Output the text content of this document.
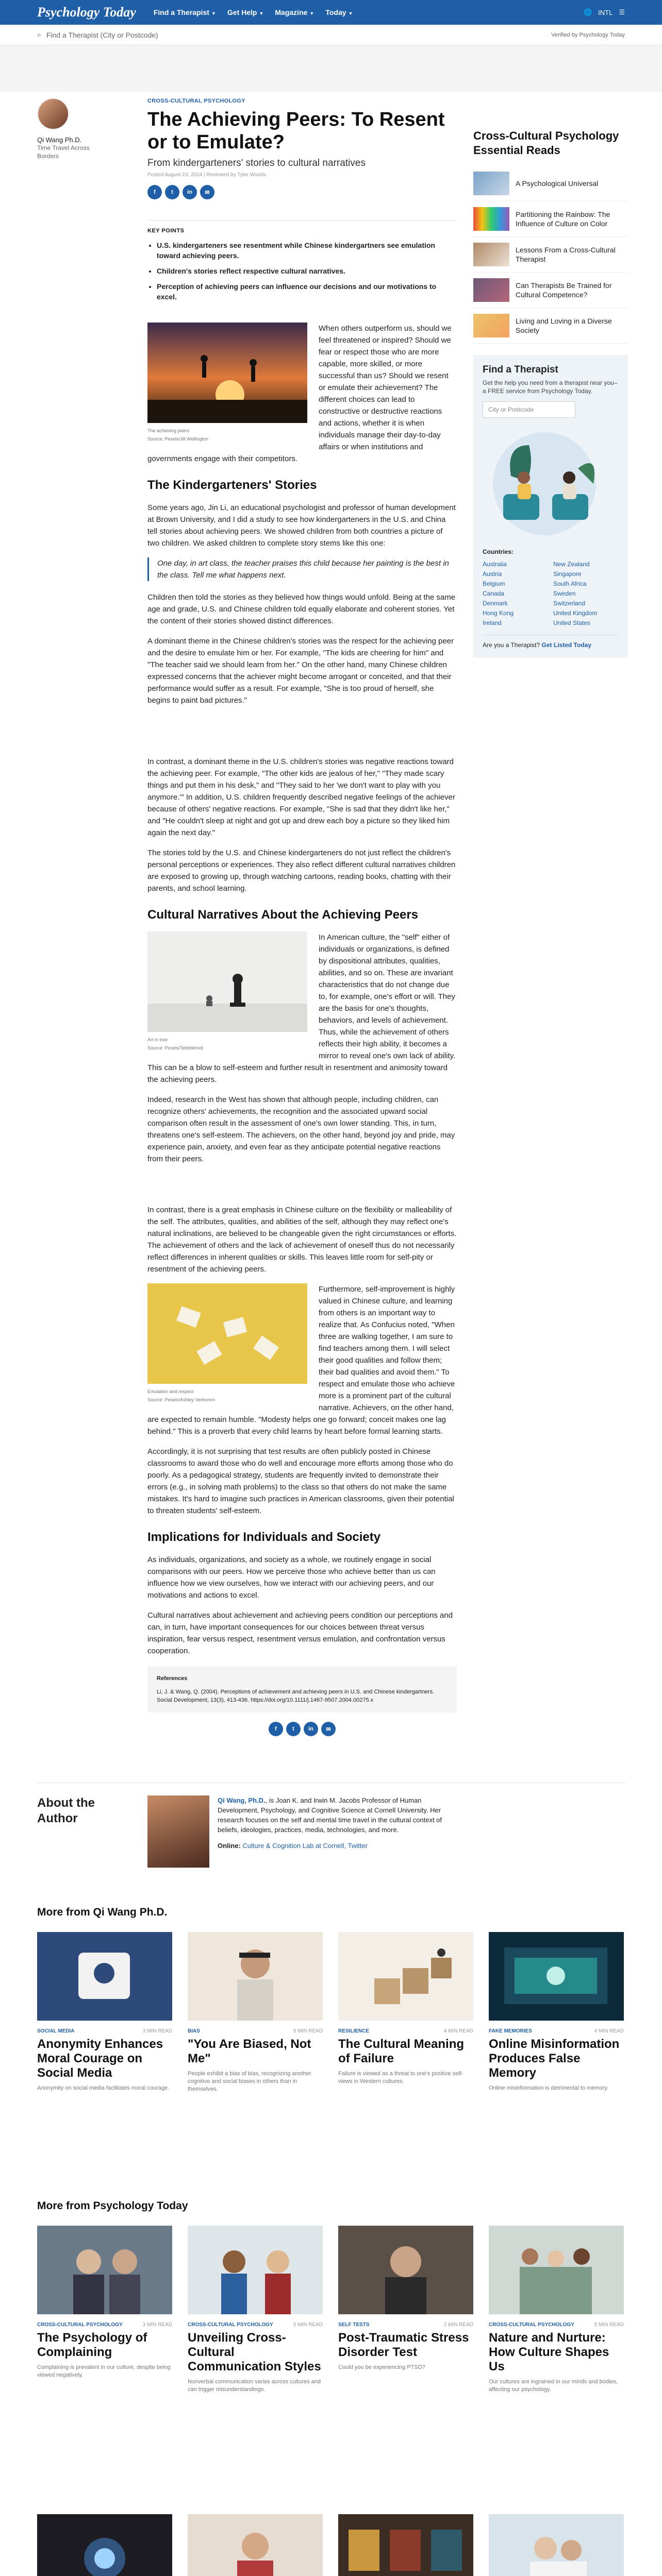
Psychology Today Find a Therapist ▼ Get Help ▼ Magazine ▼ Today ▼	🌐 INTL ☰
⌕ Find a Therapist (City or Postcode)	Verified by Psychology Today
Qi Wang Ph.D.
Time Travel Across Borders
CROSS-CULTURAL PSYCHOLOGY
The Achieving Peers: To Resent or to Emulate?
From kindergarteners' stories to cultural narratives
Posted August 23, 2024 | Reviewed by Tyler Woods
f	t	in	✉
KEY POINTS
• U.S. kindergarteners see resentment while Chinese kindergartners see emulation toward achieving peers.
• Children's stories reflect respective cultural narratives.
• Perception of achieving peers can influence our decisions and our motivations to excel.
The achieving peers
Source: Pexels/Jill Wellington

When others outperform us, should we feel threatened or inspired? Should we fear or respect those who are more capable, more skilled, or more successful than us? Should we resent or emulate their achievement? The different choices can lead to constructive or destructive reactions and actions, whether it is when individuals manage their day-to-day affairs or when institutions and governments engage with their competitors.

The Kindergarteners' Stories

Some years ago, Jin Li, an educational psychologist and professor of human development at Brown University, and I did a study to see how kindergarteners in the U.S. and China tell stories about achieving peers. We showed children from both countries a picture of two children. We asked children to complete story stems like this one:

One day, in art class, the teacher praises this child because her painting is the best in the class. Tell me what happens next.

Children then told the stories as they believed how things would unfold. Being at the same age and grade, U.S. and Chinese children told equally elaborate and coherent stories. Yet the content of their stories showed distinct differences.

A dominant theme in the Chinese children's stories was the respect for the achieving peer and the desire to emulate him or her. For example, "The kids are cheering for him" and "The teacher said we should learn from her." On the other hand, many Chinese children expressed concerns that the achiever might become arrogant or conceited, and that their performance would suffer as a result. For example, "She is too proud of herself, she begins to paint bad pictures."

In contrast, a dominant theme in the U.S. children's stories was negative reactions toward the achieving peer. For example, "The other kids are jealous of her," "They made scary things and put them in his desk," and "They said to her 'we don't want to play with you anymore.'" In addition, U.S. children frequently described negative feelings of the achiever because of others' negative reactions. For example, "She is sad that they didn't like her," and "He couldn't sleep at night and got up and drew each boy a picture so they liked him again the next day."

The stories told by the U.S. and Chinese kindergarteners do not just reflect the children's personal perceptions or experiences. They also reflect different cultural narratives children are exposed to growing up, through watching cartoons, reading books, chatting with their parents, and school learning.

Cultural Narratives About the Achieving Peers
Art in tree
Source: Pexels/Tebibikhodi

In American culture, the "self" either of individuals or organizations, is defined by dispositional attributes, qualities, abilities, and so on. These are invariant characteristics that do not change due to, for example, one's effort or will. They are the basis for one's thoughts, behaviors, and levels of achievement. Thus, while the achievement of others reflects their high ability, it becomes a mirror to reveal one's own lack of ability. This can be a blow to self-esteem and further result in resentment and animosity toward the achieving peers.

Indeed, research in the West has shown that although people, including children, can recognize others' achievements, the recognition and the associated upward social comparison often result in the assessment of one's own lower standing. This, in turn, threatens one's self-esteem. The achievers, on the other hand, beyond joy and pride, may experience pain, anxiety, and even fear as they anticipate potential negative reactions from their peers.

In contrast, there is a great emphasis in Chinese culture on the flexibility or malleability of the self. The attributes, qualities, and abilities of the self, although they may reflect one's natural inclinations, are believed to be changeable given the right circumstances or efforts. The achievement of others and the lack of achievement of oneself thus do not necessarily reflect differences in inherent qualities or skills. This leaves little room for self-pity or resentment of the achieving peers.

Emulation and respect
Source: Pexels/Ashley Verbonnn

Furthermore, self-improvement is highly valued in Chinese culture, and learning from others is an important way to realize that. As Confucius noted, "When three are walking together, I am sure to find teachers among them. I will select their good qualities and follow them; their bad qualities and avoid them." To respect and emulate those who achieve more is a prominent part of the cultural narrative. Achievers, on the other hand, are expected to remain humble. "Modesty helps one go forward; conceit makes one lag behind." This is a proverb that every child learns by heart before formal learning starts.

Accordingly, it is not surprising that test results are often publicly posted in Chinese classrooms to award those who do well and encourage more efforts among those who do poorly. As a pedagogical strategy, students are frequently invited to demonstrate their errors (e.g., in solving math problems) to the class so that others do not make the same mistakes. It's hard to imagine such practices in American classrooms, given their potential to threaten students' self-esteem.

Implications for Individuals and Society

As individuals, organizations, and society as a whole, we routinely engage in social comparisons with our peers. How we perceive those who achieve better than us can influence how we view ourselves, how we interact with our achieving peers, and our motivations and actions to excel.

Cultural narratives about achievement and achieving peers condition our perceptions and can, in turn, have important consequences for our choices between threat versus inspiration, fear versus respect, resentment versus emulation, and confrontation versus cooperation.

References
Li, J. & Wang, Q. (2004). Perceptions of achievement and achieving peers in U.S. and Chinese kindergartners. Social Development, 13(3), 413-436. https://doi.org/10.1111/j.1467-9507.2004.00275.x
f	t	in	✉
Cross-Cultural Psychology Essential Reads
A Psychological Universal
Partitioning the Rainbow: The Influence of Culture on Color
Lessons From a Cross-Cultural Therapist
Can Therapists Be Trained for Cultural Competence?
Living and Loving in a Diverse Society
Find a Therapist
Get the help you need from a therapist near you–a FREE service from Psychology Today.
City or Postcode
Countries:
Australia	New Zealand
Austria	Singapore
Belgium	South Africa
Canada	Sweden
Denmark	Switzerland
Hong Kong	United Kingdom
Ireland	United States
Are you a Therapist? Get Listed Today
About the Author
Qi Wang, Ph.D., is Joan K. and Irwin M. Jacobs Professor of Human Development, Psychology, and Cognitive Science at Cornell University. Her research focuses on the self and mental time travel in the cultural context of beliefs, ideologies, practices, media, technologies, and more.
Online: Culture & Cognition Lab at Cornell, Twitter
More from Qi Wang Ph.D.
SOCIAL MEDIA	3 MIN READ
Anonymity Enhances Moral Courage on Social Media
Anonymity on social media facilitates moral courage.
BIAS	5 MIN READ
"You Are Biased, Not Me"
People exhibit a bias of bias, recognizing another cognitive and social biases in others than in themselves.
RESILIENCE	4 MIN READ
The Cultural Meaning of Failure
Failure is viewed as a threat to one's positive self-views in Western cultures.
FAKE MEMORIES	4 MIN READ
Online Misinformation Produces False Memory
Online misinformation is detrimental to memory.
More from Psychology Today
CROSS-CULTURAL PSYCHOLOGY	3 MIN READ
The Psychology of Complaining
Complaining is prevalent in our culture, despite being viewed negatively.
CROSS-CULTURAL PSYCHOLOGY	5 MIN READ
Unveiling Cross-Cultural Communication Styles
Nonverbal communication varies across cultures and can trigger misunderstandings.
SELF TESTS	2 MIN READ
Post-Traumatic Stress Disorder Test
Could you be experiencing PTSD?
CROSS-CULTURAL PSYCHOLOGY	5 MIN READ
Nature and Nurture: How Culture Shapes Us
Our cultures are ingrained in our minds and bodies, affecting our psychology.
